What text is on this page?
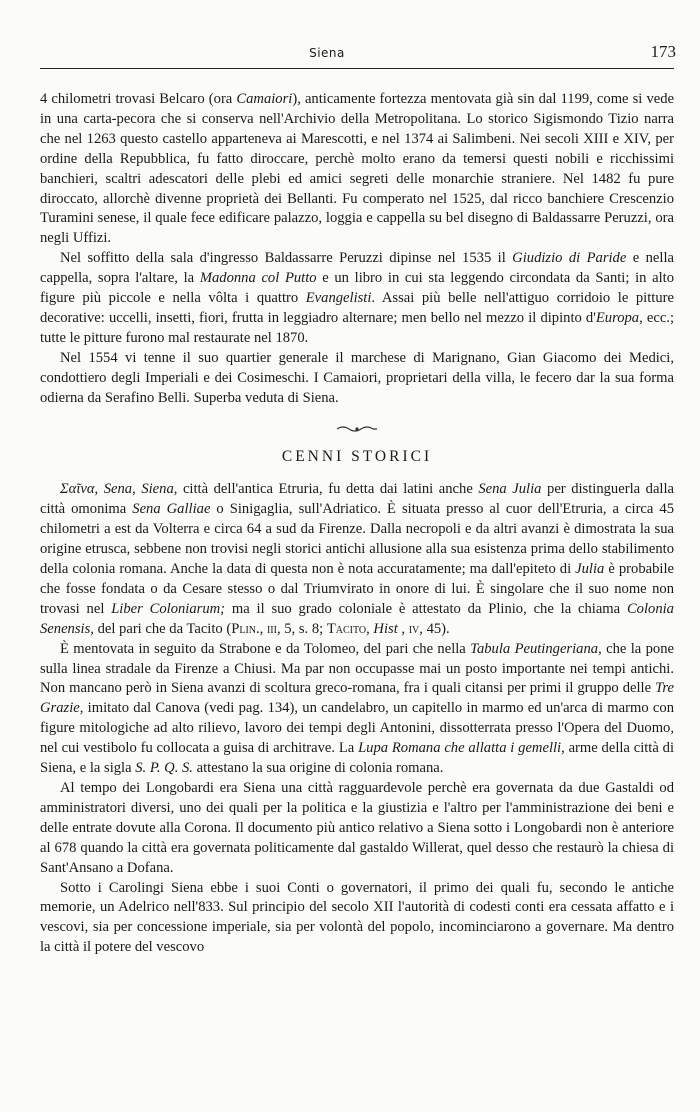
Siena	173

4 chilometri trovasi Belcaro (ora Camaiori), anticamente fortezza mentovata già sin dal 1199, come si vede in una carta-pecora che si conserva nell'Archivio della Metropolitana. Lo storico Sigismondo Tizio narra che nel 1263 questo castello apparteneva ai Marescotti, e nel 1374 ai Salimbeni. Nei secoli XIII e XIV, per ordine della Repubblica, fu fatto diroccare, perchè molto erano da temersi questi nobili e ricchissimi banchieri, scaltri adescatori delle plebi ed amici segreti delle monarchie straniere. Nel 1482 fu pure diroccato, allorchè divenne proprietà dei Bellanti. Fu comperato nel 1525, dal ricco banchiere Crescenzio Turamini senese, il quale fece edificare palazzo, loggia e cappella su bel disegno di Baldassarre Peruzzi, ora negli Uffizi.

Nel soffitto della sala d'ingresso Baldassarre Peruzzi dipinse nel 1535 il Giudizio di Paride e nella cappella, sopra l'altare, la Madonna col Putto e un libro in cui sta leggendo circondata da Santi; in alto figure più piccole e nella vôlta i quattro Evangelisti. Assai più belle nell'attiguo corridoio le pitture decorative: uccelli, insetti, fiori, frutta in leggiadro alternare; men bello nel mezzo il dipinto d'Europa, ecc.; tutte le pitture furono mal restaurate nel 1870.

Nel 1554 vi tenne il suo quartier generale il marchese di Marignano, Gian Giacomo dei Medici, condottiero degli Imperiali e dei Cosimeschi. I Camaiori, proprietari della villa, le fecero dar la sua forma odierna da Serafino Belli. Superba veduta di Siena.

CENNI STORICI

Σαῖνα, Sena, Siena, città dell'antica Etruria, fu detta dai latini anche Sena Julia per distinguerla dalla città omonima Sena Galliae o Sinigaglia, sull'Adriatico. È situata presso al cuor dell'Etruria, a circa 45 chilometri a est da Volterra e circa 64 a sud da Firenze. Dalla necropoli e da altri avanzi è dimostrata la sua origine etrusca, sebbene non trovisi negli storici antichi allusione alla sua esistenza prima dello stabilimento della colonia romana. Anche la data di questa non è nota accuratamente; ma dall'epiteto di Julia è probabile che fosse fondata o da Cesare stesso o dal Triumvirato in onore di lui. È singolare che il suo nome non trovasi nel Liber Coloniarum; ma il suo grado coloniale è attestato da Plinio, che la chiama Colonia Senensis, del pari che da Tacito (Plin., iii, 5, s. 8; Tacito, Hist , iv, 45).

È mentovata in seguito da Strabone e da Tolomeo, del pari che nella Tabula Peutingeriana, che la pone sulla linea stradale da Firenze a Chiusi. Ma par non occupasse mai un posto importante nei tempi antichi. Non mancano però in Siena avanzi di scoltura greco-romana, fra i quali citansi per primi il gruppo delle Tre Grazie, imitato dal Canova (vedi pag. 134), un candelabro, un capitello in marmo ed un'arca di marmo con figure mitologiche ad alto rilievo, lavoro dei tempi degli Antonini, dissotterrata presso l'Opera del Duomo, nel cui vestibolo fu collocata a guisa di architrave. La Lupa Romana che allatta i gemelli, arme della città di Siena, e la sigla S. P. Q. S. attestano la sua origine di colonia romana.

Al tempo dei Longobardi era Siena una città ragguardevole perchè era governata da due Gastaldi od amministratori diversi, uno dei quali per la politica e la giustizia e l'altro per l'amministrazione dei beni e delle entrate dovute alla Corona. Il documento più antico relativo a Siena sotto i Longobardi non è anteriore al 678 quando la città era governata politicamente dal gastaldo Willerat, quel desso che restaurò la chiesa di Sant'Ansano a Dofana.

Sotto i Carolingi Siena ebbe i suoi Conti o governatori, il primo dei quali fu, secondo le antiche memorie, un Adelrico nell'833. Sul principio del secolo XII l'autorità di codesti conti era cessata affatto e i vescovi, sia per concessione imperiale, sia per volontà del popolo, incominciarono a governare. Ma dentro la città il potere del vescovo
